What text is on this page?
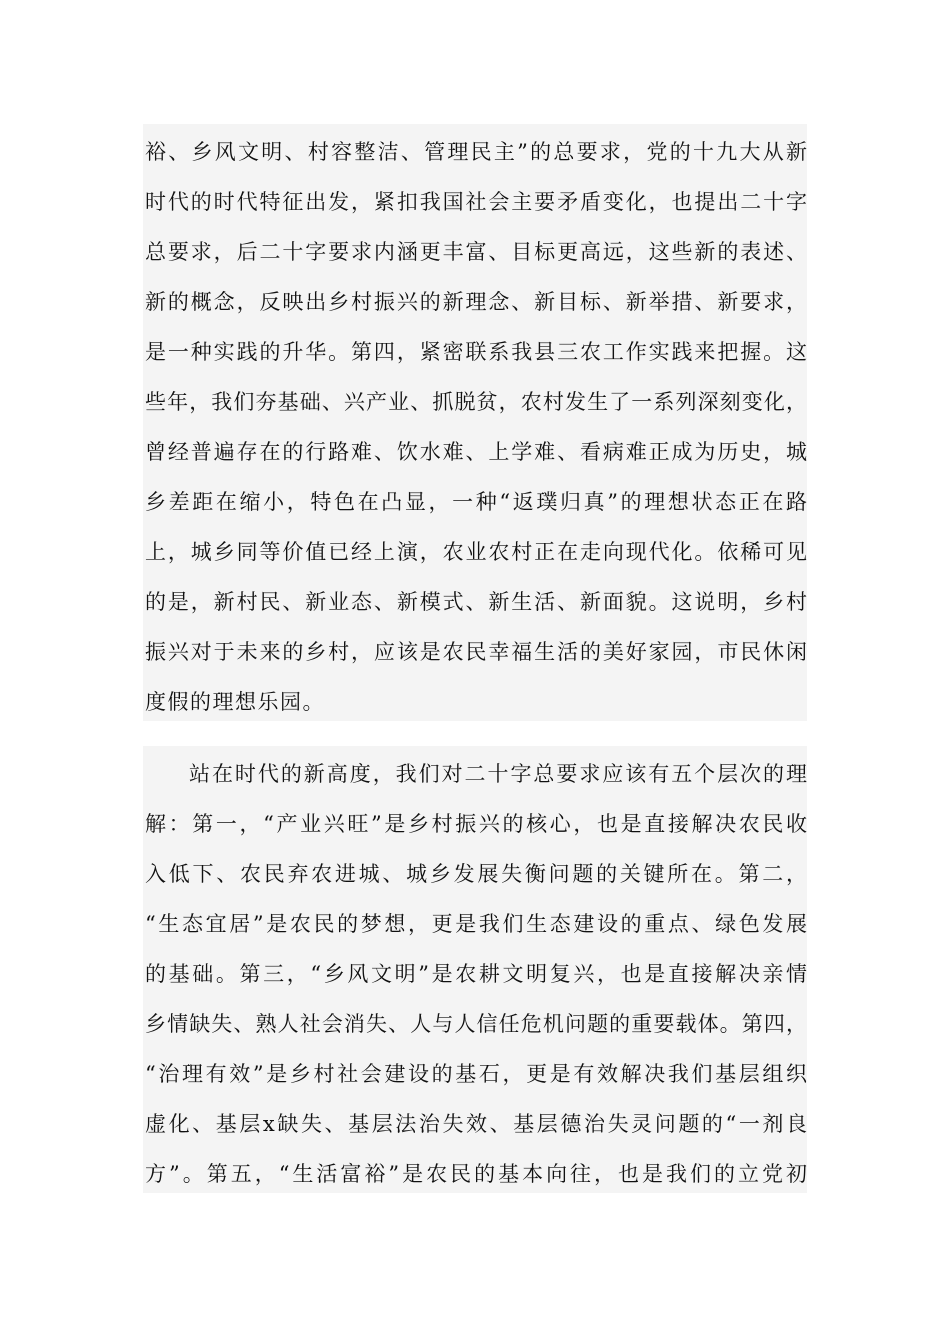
裕、乡风文明、村容整洁、管理民主”的总要求，党的十九大从新
时代的时代特征出发，紧扣我国社会主要矛盾变化，也提出二十字
总要求，后二十字要求内涵更丰富、目标更高远，这些新的表述、
新的概念，反映出乡村振兴的新理念、新目标、新举措、新要求，
是一种实践的升华。第四，紧密联系我县三农工作实践来把握。这
些年，我们夯基础、兴产业、抓脱贫，农村发生了一系列深刻变化，
曾经普遍存在的行路难、饮水难、上学难、看病难正成为历史，城
乡差距在缩小，特色在凸显，一种“返璞归真”的理想状态正在路
上，城乡同等价值已经上演，农业农村正在走向现代化。依稀可见
的是，新村民、新业态、新模式、新生活、新面貌。这说明，乡村
振兴对于未来的乡村，应该是农民幸福生活的美好家园，市民休闲
度假的理想乐园。
站在时代的新高度，我们对二十字总要求应该有五个层次的理
解：第一，“产业兴旺”是乡村振兴的核心，也是直接解决农民收
入低下、农民弃农进城、城乡发展失衡问题的关键所在。第二，
“生态宜居”是农民的梦想，更是我们生态建设的重点、绿色发展
的基础。第三，“乡风文明”是农耕文明复兴，也是直接解决亲情
乡情缺失、熟人社会消失、人与人信任危机问题的重要载体。第四，
“治理有效”是乡村社会建设的基石，更是有效解决我们基层组织
虚化、基层x缺失、基层法治失效、基层德治失灵问题的“一剂良
方”。第五，“生活富裕”是农民的基本向往，也是我们的立党初
